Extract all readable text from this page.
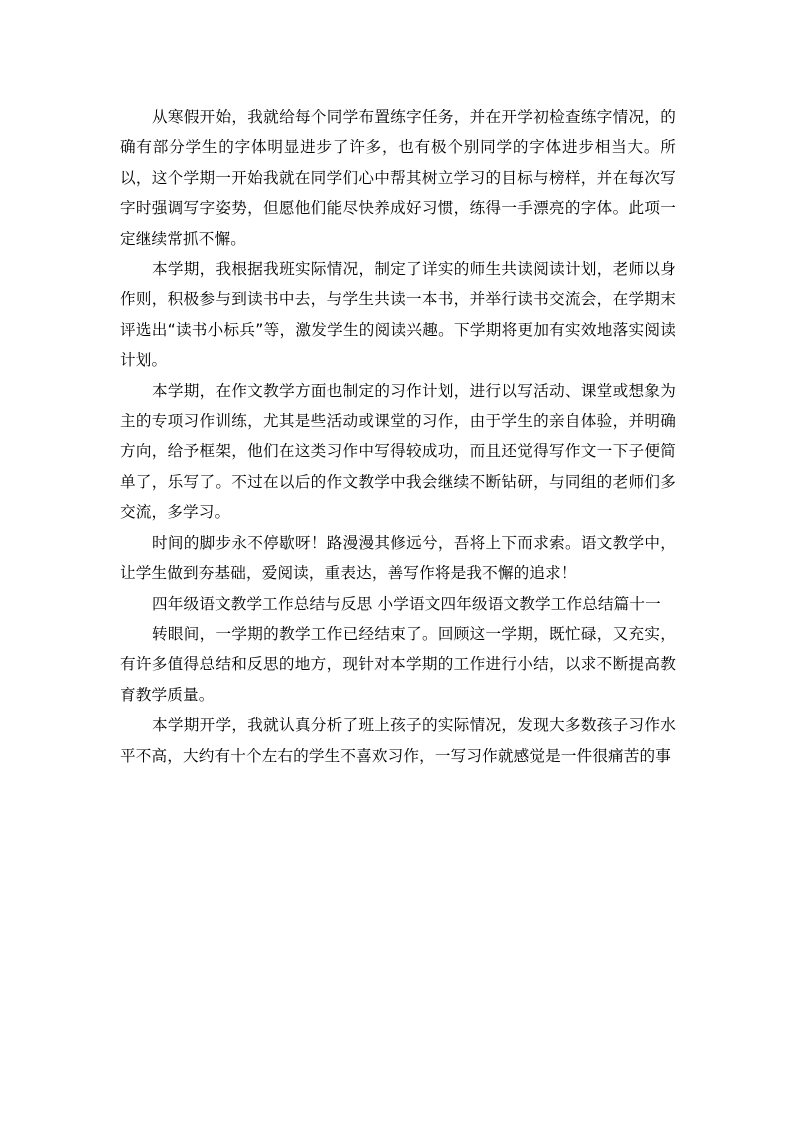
从寒假开始，我就给每个同学布置练字任务，并在开学初检查练字情况，的确有部分学生的字体明显进步了许多，也有极个别同学的字体进步相当大。所以，这个学期一开始我就在同学们心中帮其树立学习的目标与榜样，并在每次写字时强调写字姿势，但愿他们能尽快养成好习惯，练得一手漂亮的字体。此项一定继续常抓不懈。

本学期，我根据我班实际情况，制定了详实的师生共读阅读计划，老师以身作则，积极参与到读书中去，与学生共读一本书，并举行读书交流会，在学期末评选出“读书小标兵”等，激发学生的阅读兴趣。下学期将更加有实效地落实阅读计划。

本学期，在作文教学方面也制定的习作计划，进行以写活动、课堂或想象为主的专项习作训练，尤其是些活动或课堂的习作，由于学生的亲自体验，并明确方向，给予框架，他们在这类习作中写得较成功，而且还觉得写作文一下子便简单了，乐写了。不过在以后的作文教学中我会继续不断钻研，与同组的老师们多交流，多学习。

时间的脚步永不停歇呀！路漫漫其修远兮，吾将上下而求索。语文教学中，让学生做到夯基础，爱阅读，重表达，善写作将是我不懈的追求！

四年级语文教学工作总结与反思 小学语文四年级语文教学工作总结篇十一

转眼间，一学期的教学工作已经结束了。回顾这一学期，既忙碌，又充实，有许多值得总结和反思的地方，现针对本学期的工作进行小结，以求不断提高教育教学质量。

本学期开学，我就认真分析了班上孩子的实际情况，发现大多数孩子习作水平不高，大约有十个左右的学生不喜欢习作，一写习作就感觉是一件很痛苦的事
